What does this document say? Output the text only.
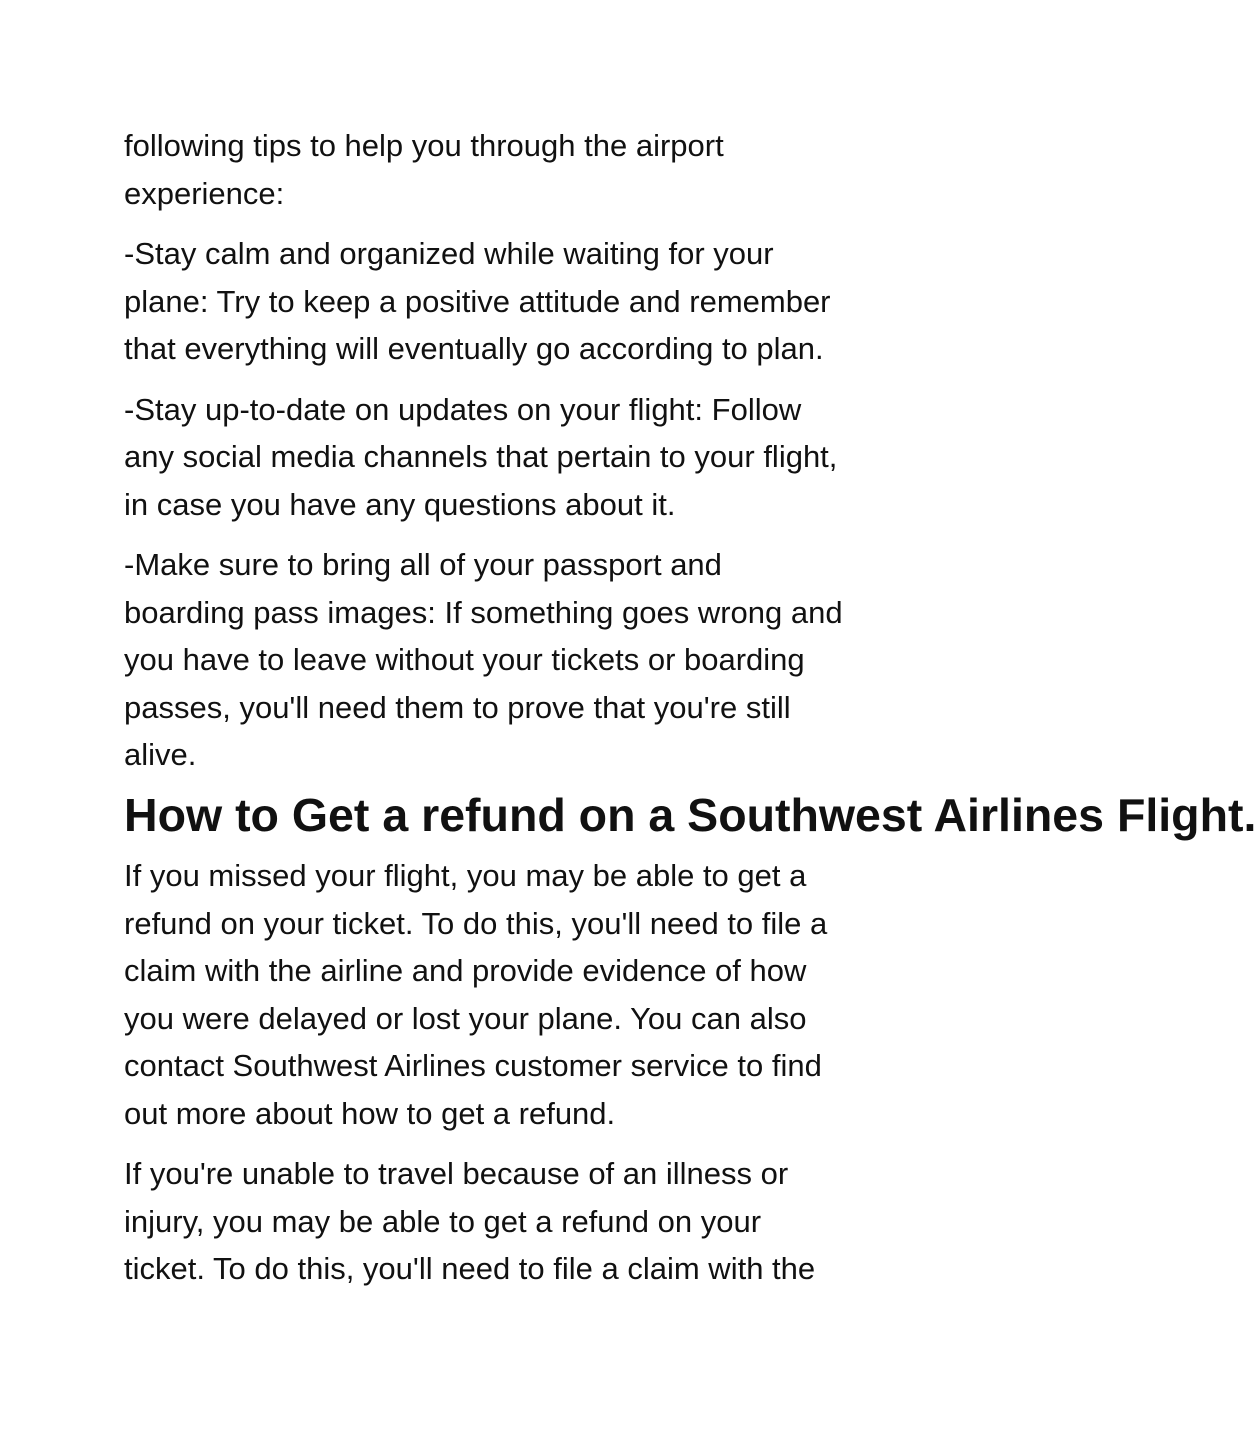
following tips to help you through the airport
experience:

-Stay calm and organized while waiting for your
plane: Try to keep a positive attitude and remember
that everything will eventually go according to plan.

-Stay up-to-date on updates on your flight: Follow
any social media channels that pertain to your flight,
in case you have any questions about it.

-Make sure to bring all of your passport and
boarding pass images: If something goes wrong and
you have to leave without your tickets or boarding
passes, you'll need them to prove that you're still
alive.

How to Get a refund on a Southwest Airlines Flight.

If you missed your flight, you may be able to get a
refund on your ticket. To do this, you'll need to file a
claim with the airline and provide evidence of how
you were delayed or lost your plane. You can also
contact Southwest Airlines customer service to find
out more about how to get a refund.

If you're unable to travel because of an illness or
injury, you may be able to get a refund on your
ticket. To do this, you'll need to file a claim with the
